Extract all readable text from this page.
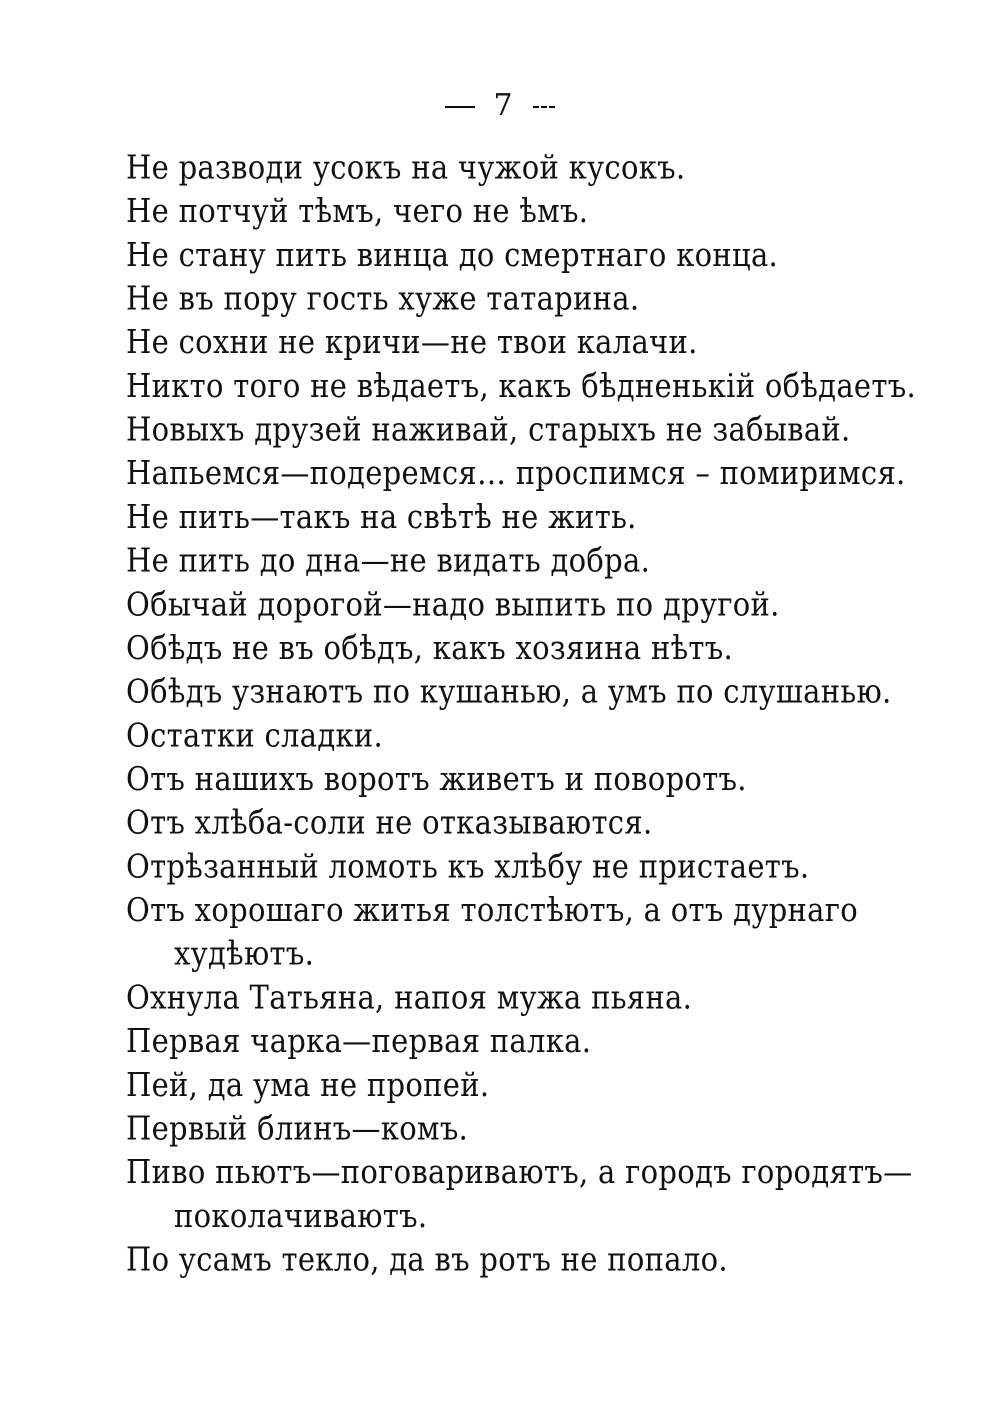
7
Не разводи усокъ на чужой кусокъ.
Не потчуй тѣмъ, чего не ѣмъ.
Не стану пить винца до смертнаго конца.
Не въ пору гость хуже татарина.
Не сохни не кричи—не твои калачи.
Никто того не вѣдаетъ, какъ бѣдненькій обѣдаетъ.
Новыхъ друзей наживай, старыхъ не забывай.
Напьемся—подеремся… проспимся – помиримся.
Не пить—такъ на свѣтѣ не жить.
Не пить до дна—не видать добра.
Обычай дорогой—надо выпить по другой.
Обѣдъ не въ обѣдъ, какъ хозяина нѣтъ.
Обѣдъ узнаютъ по кушанью, а умъ по слушанью.
Остатки сладки.
Отъ нашихъ воротъ живетъ и поворотъ.
Отъ хлѣба-соли не отказываются.
Отрѣзанный ломоть къ хлѣбу не пристаетъ.
Отъ хорошаго житья толстѣютъ, а отъ дурнаго
худѣютъ.
Охнула Татьяна, напоя мужа пьяна.
Первая чарка—первая палка.
Пей, да ума не пропей.
Первый блинъ—комъ.
Пиво пьютъ—поговариваютъ, а городъ городятъ—
поколачиваютъ.
По усамъ текло, да въ ротъ не попало.
